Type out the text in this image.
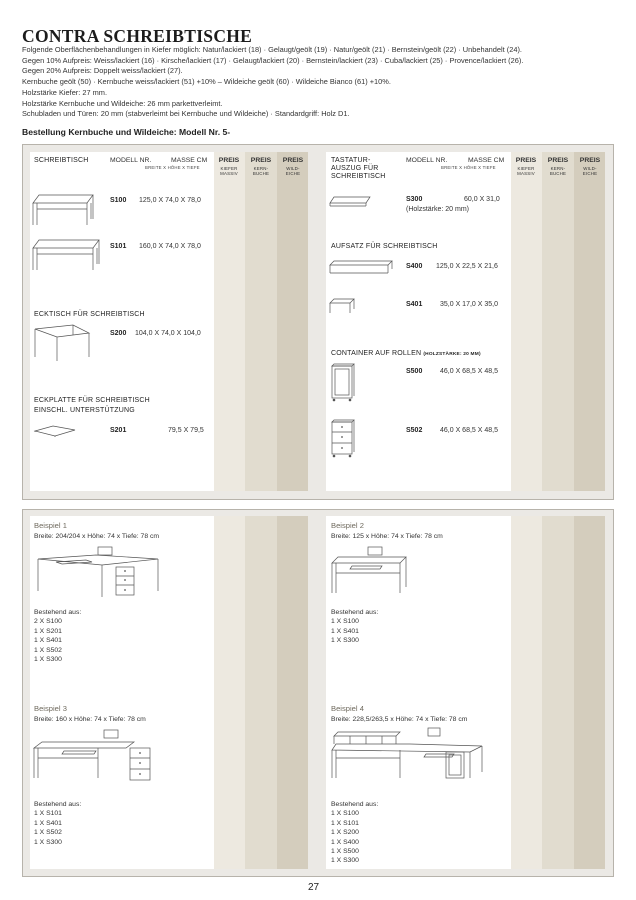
CONTRA SCHREIBTISCHE
Folgende Oberflächenbehandlungen in Kiefer möglich: Natur/lackiert (18) · Gelaugt/geölt (19) · Natur/geölt (21) · Bernstein/geölt (22) · Unbehandelt (24).
Gegen 10% Aufpreis: Weiss/lackiert (16) · Kirsche/lackiert (17) · Gelaugt/lackiert (20) · Bernstein/lackiert (23) · Cuba/lackiert (25) · Provence/lackiert (26).
Gegen 20% Aufpreis: Doppelt weiss/lackiert (27).
Kernbuche geölt (50) · Kernbuche weiss/lackiert (51) +10% – Wildeiche geölt (60) · Wildeiche Bianco (61) +10%.
Holzstärke Kiefer: 27 mm.
Holzstärke Kernbuche und Wildeiche: 26 mm parkettverleimt.
Schubladen und Türen: 20 mm (stabverleimt bei Kernbuche und Wildeiche) · Standardgriff: Holz D1.
Bestellung Kernbuche und Wildeiche: Modell Nr. 5-
PREIS
KIEFER
MASSIV
PREIS
KERN-
BUCHE
PREIS
WILD-
EICHE
PREIS
KIEFER
MASSIV
PREIS
KERN-
BUCHE
PREIS
WILD-
EICHE
SCHREIBTISCH	MODELL NR.	MASSE CM
BREITE X HÖHE X TIEFE
S100 125,0 X 74,0 X 78,0
S101 160,0 X 74,0 X 78,0
ECKTISCH FÜR SCHREIBTISCH
S200 104,0 X 74,0 X 104,0
ECKPLATTE FÜR SCHREIBTISCH
EINSCHL. UNTERSTÜTZUNG
S201	79,5 X 79,5
TASTATUR-
AUSZUG FÜR
SCHREIBTISCH
MODELL NR.	MASSE CM
BREITE X HÖHE X TIEFE
S300	60,0 X 31,0
(Holzstärke: 20 mm)
AUFSATZ FÜR SCHREIBTISCH
S400 125,0 X 22,5 X 21,6
S401	35,0 X 17,0 X 35,0
CONTAINER AUF ROLLEN (HOLZSTÄRKE: 20 MM)
S500	46,0 X 68,5 X 48,5
S502	46,0 X 68,5 X 48,5
Beispiel 1
Breite: 204/204 x Höhe: 74 x Tiefe: 78 cm
Bestehend aus:
2 X S100
1 X S201
1 X S401
1 X S502
1 X S300
Beispiel 2
Breite: 125 x Höhe: 74 x Tiefe: 78 cm
Bestehend aus:
1 X S100
1 X S401
1 X S300
Beispiel 3
Breite: 160 x Höhe: 74 x Tiefe: 78 cm
Bestehend aus:
1 X S101
1 X S401
1 X S502
1 X S300
Beispiel 4
Breite: 228,5/263,5 x Höhe: 74 x Tiefe: 78 cm
Bestehend aus:
1 X S100
1 X S101
1 X S200
1 X S400
1 X S500
1 X S300
27
